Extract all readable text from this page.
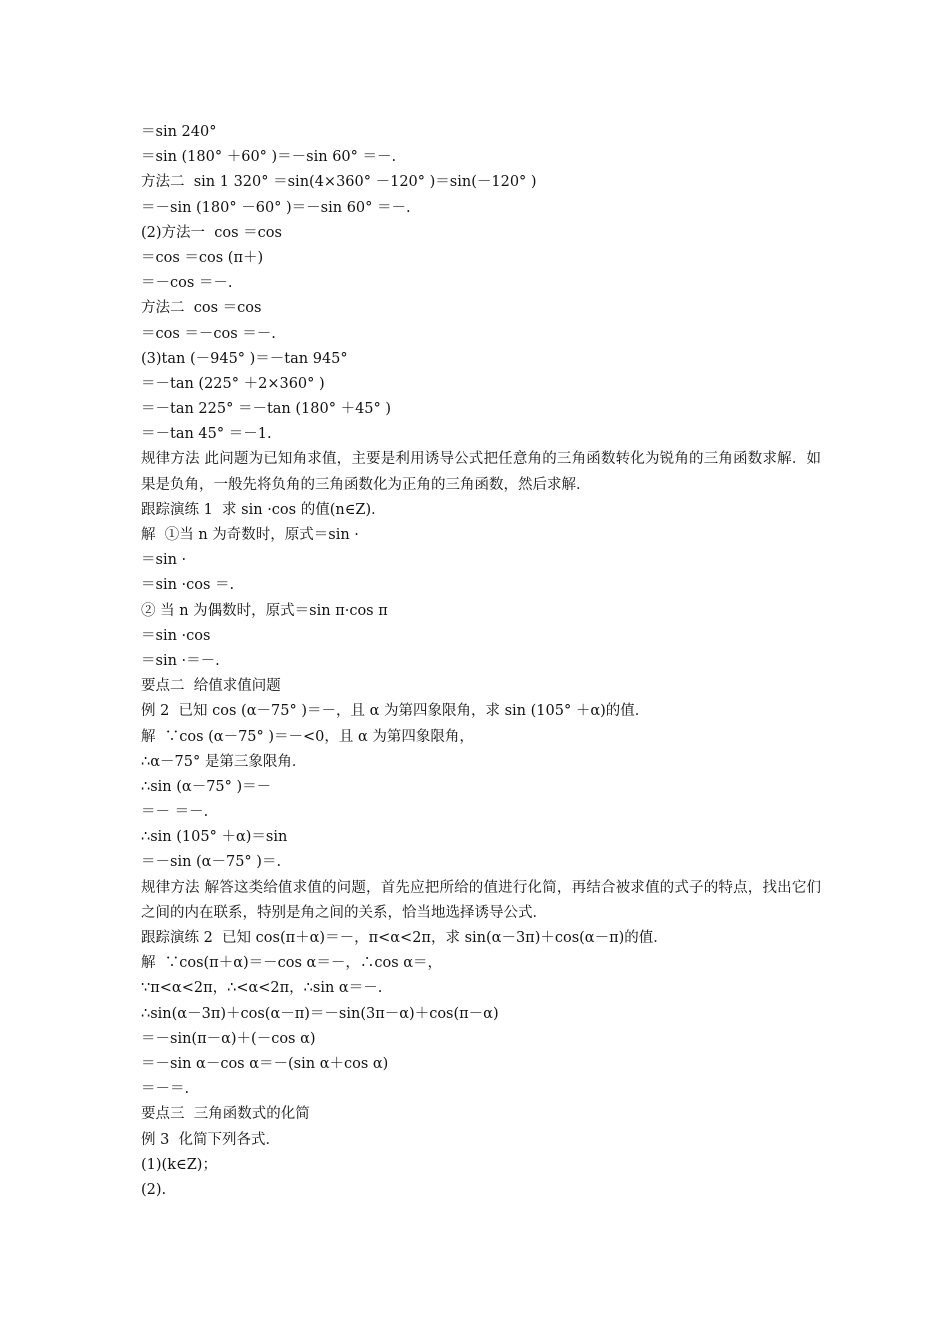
＝sin 240°
＝sin (180° ＋60° )＝－sin 60° ＝－.
方法二  sin 1 320° ＝sin(4×360° －120° )＝sin(－120° )
＝－sin (180° －60° )＝－sin 60° ＝－.
(2)方法一  cos ＝cos
＝cos ＝cos (π＋)
＝－cos ＝－.
方法二  cos ＝cos
＝cos ＝－cos ＝－.
(3)tan (－945° )＝－tan 945°
＝－tan (225° ＋2×360° )
＝－tan 225° ＝－tan (180° ＋45° )
＝－tan 45° ＝－1.
规律方法 此问题为已知角求值，主要是利用诱导公式把任意角的三角函数转化为锐角的三角函数求解．如果是负角，一般先将负角的三角函数化为正角的三角函数，然后求解．
跟踪演练 1  求 sin ·cos 的值(n∈Z)．
解  ①当 n 为奇数时，原式＝sin ·
＝sin ·
＝sin ·cos ＝.
② 当 n 为偶数时，原式＝sin π·cos π
＝sin ·cos
＝sin ·＝－.
要点二  给值求值问题
例 2  已知 cos (α－75° )＝－，且 α 为第四象限角，求 sin (105° ＋α)的值．
解  ∵cos (α－75° )＝－<0，且 α 为第四象限角，
∴α－75° 是第三象限角．
∴sin (α－75° )＝－
＝－ ＝－.
∴sin (105° ＋α)＝sin
＝－sin (α－75° )＝.
规律方法 解答这类给值求值的问题，首先应把所给的值进行化简，再结合被求值的式子的特点，找出它们之间的内在联系，特别是角之间的关系，恰当地选择诱导公式．
跟踪演练 2  已知 cos(π＋α)＝－，π<α<2π，求 sin(α－3π)＋cos(α－π)的值．
解  ∵cos(π＋α)＝－cos α＝－，∴cos α＝，
∵π<α<2π，∴<α<2π，∴sin α＝－.
∴sin(α－3π)＋cos(α－π)＝－sin(3π－α)＋cos(π－α)
＝－sin(π－α)＋(－cos α)
＝－sin α－cos α＝－(sin α＋cos α)
＝－＝.
要点三  三角函数式的化简
例 3  化简下列各式．
(1)(k∈Z)；
(2).
